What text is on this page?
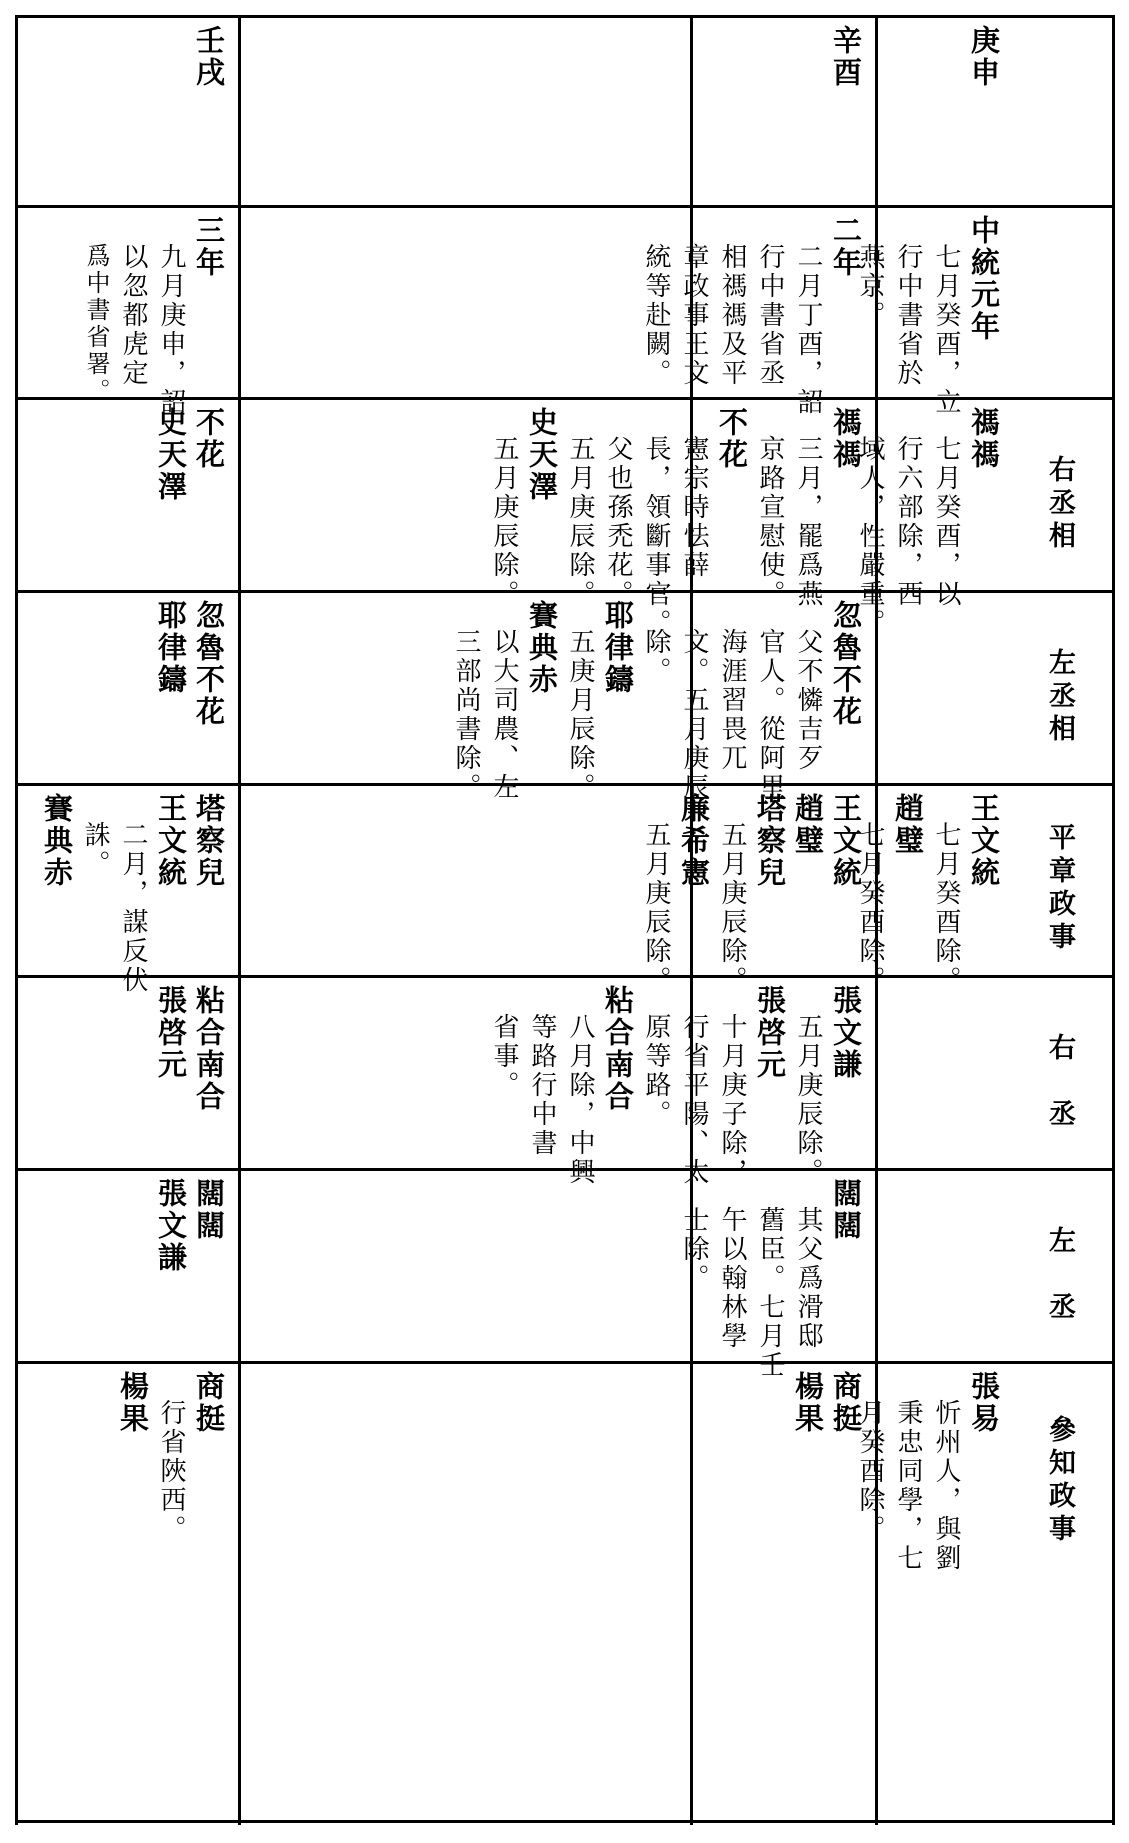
右丞相
左丞相
平章政事
右　丞
左　丞
參知政事
庚申
中統元年
七月癸酉，立
行中書省於
燕京。
禡禡
七月癸酉，以
行六部除，西
域人，性嚴重。
王文統
七月癸酉除。
趙璧
七月癸酉除。
張易
忻州人，與劉
秉忠同學，七
月癸酉除。
辛酉
二年
二月丁酉，詔
行中書省丞
相禡禡及平
章政事王文
統等赴闕。
禡禡
三月，罷爲燕
京路宣慰使。
不花
憲宗時怯薛
長，領斷事官。
父也孫禿花。
五月庚辰除。
史天澤
五月庚辰除。
忽魯不花
父不憐吉歹
官人。從阿里
海涯習畏兀
文。五月庚辰
除。
耶律鑄
五庚月辰除。
賽典赤
以大司農、左
三部尚書除。
王文統
趙璧
塔察兒
五月庚辰除。
廉希憲
五月庚辰除。
張文謙
五月庚辰除。
張啓元
十月庚子除，
行省平陽、太
原等路。
粘合南合
八月除，中興
等路行中書
省事。
闊闊
其父爲滑邸
舊臣。七月壬
午以翰林學
士除。
商挺
楊果
壬戌
三年
九月庚申，詔
以忽都虎定
爲中書省署。
不花
史天澤
忽魯不花
耶律鑄
塔察兒
王文統
二月，謀反伏
誅。
賽典赤
粘合南合
張啓元
闊闊
張文謙
商挺
行省陜西。
楊果
